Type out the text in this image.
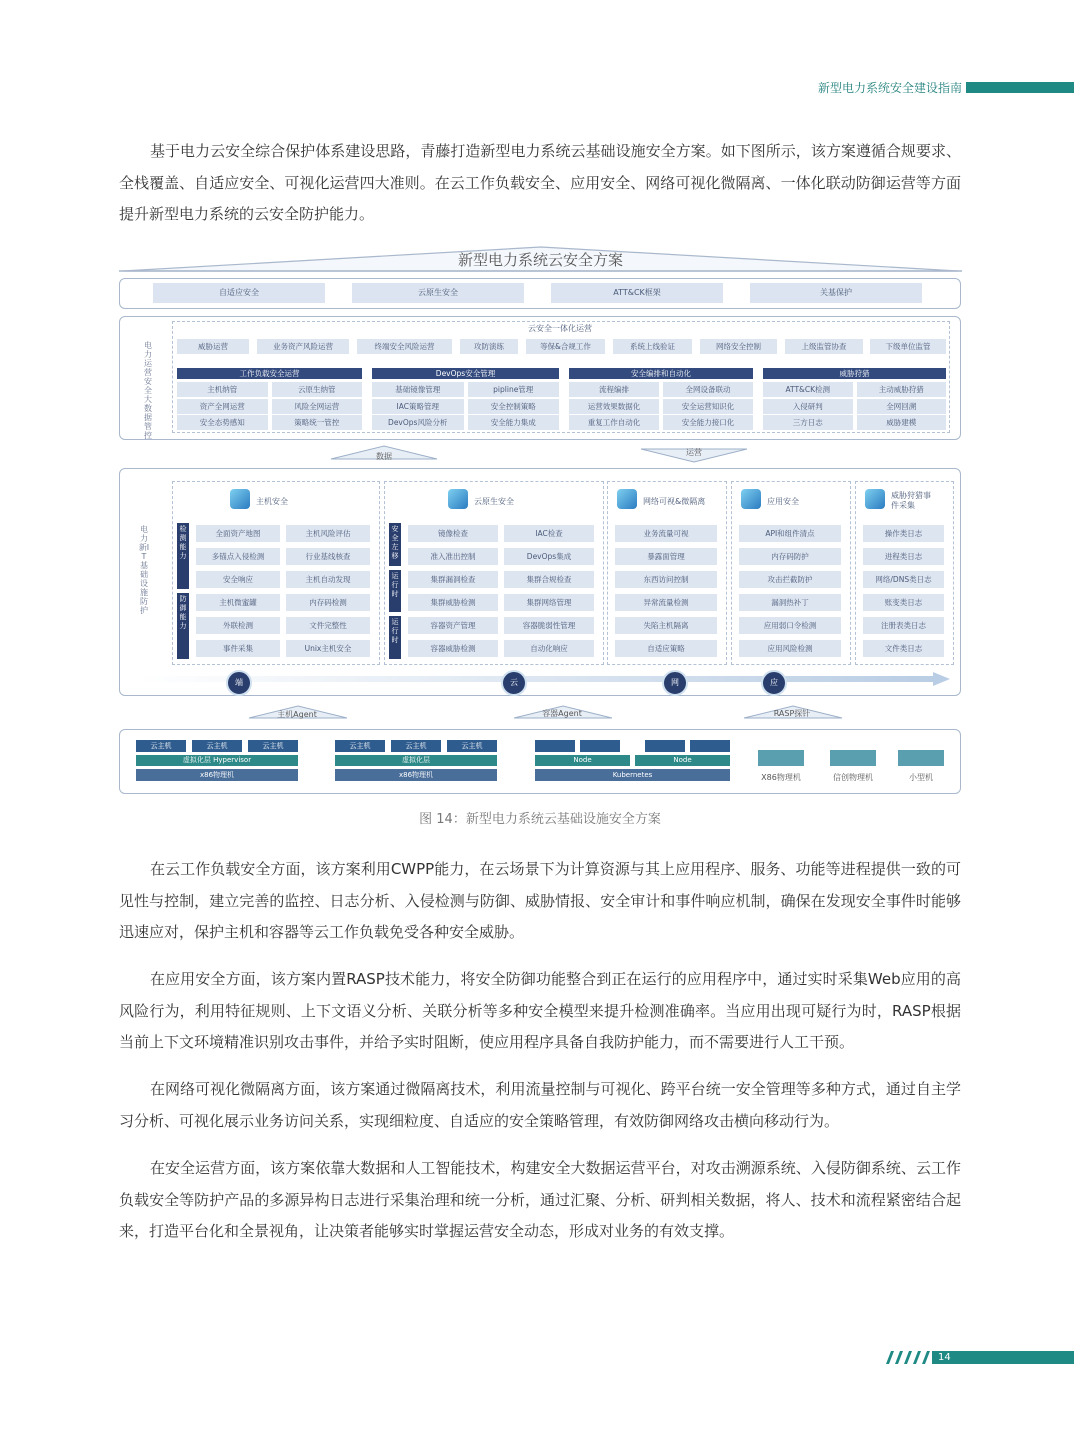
新型电力系统安全建设指南
基于电力云安全综合保护体系建设思路，青藤打造新型电力系统云基础设施安全方案。如下图所示，该方案遵循合规要求、全栈覆盖、自适应安全、可视化运营四大准则。在云工作负载安全、应用安全、网络可视化微隔离、一体化联动防御运营等方面提升新型电力系统的云安全防护能力。
新型电力系统云安全方案
自适应安全	云原生安全	ATT&CK框架	关基保护
电力运营安全大数据管控
云安全一体化运营
威胁运营	业务资产风险运营	终端安全风险运营	攻防演练	等保&合规工作	系统上线验证	网络安全控制	上级监管协查	下级单位监管
工作负载安全运营
主机纳管	云原生纳管
资产全网运营	风险全网运营
安全态势感知	策略统一管控
DevOps安全管理
基础镜像管理	pipline管理
IAC策略管理	安全控制策略
DevOps风险分析	安全能力集成
安全编排和自动化
流程编排	全网设备联动
运营效果数据化	安全运营知识化
重复工作自动化	安全能力接口化
威胁狩猎
ATT&CK检测	主动威胁狩猎
入侵研判	全网回溯
三方日志	威胁建模
数据	运营
电力新IT基础设施防护
主机安全
检测能力
防御能力
全面资产地图	主机风险评估
多锚点入侵检测	行业基线核查
安全响应	主机自动发现
主机微蜜罐	内存码检测
外联检测	文件完整性
事件采集	Unix主机安全
云原生安全
安全左移
运行时
运行时
镜像检查	IAC检查
准入准出控制	DevOps集成
集群漏洞检查	集群合规检查
集群威胁检测	集群网络管理
容器资产管理	容器脆弱性管理
容器威胁检测	自动化响应
网络可视&微隔离
业务流量可视
暴露面管理
东西访问控制
异常流量检测
失陷主机隔离
自适应策略
应用安全
API和组件清点
内存码防护
攻击拦截防护
漏洞热补丁
应用弱口令检测
应用风险检测
威胁狩猎事件采集
操作类日志
进程类日志
网络/DNS类日志
账变类日志
注册表类日志
文件类日志
端	云	网	应
主机Agent	容器Agent	RASP探针
云主机	云主机	云主机
虚拟化层 Hypervisor
x86物理机
云主机	云主机	云主机
虚拟化层
x86物理机
Node	Node
Kubernetes	X86物理机	信创物理机	小型机
图 14：新型电力系统云基础设施安全方案
在云工作负载安全方面，该方案利用CWPP能力，在云场景下为计算资源与其上应用程序、服务、功能等进程提供一致的可见性与控制，建立完善的监控、日志分析、入侵检测与防御、威胁情报、安全审计和事件响应机制，确保在发现安全事件时能够迅速应对，保护主机和容器等云工作负载免受各种安全威胁。
在应用安全方面，该方案内置RASP技术能力，将安全防御功能整合到正在运行的应用程序中，通过实时采集Web应用的高风险行为，利用特征规则、上下文语义分析、关联分析等多种安全模型来提升检测准确率。当应用出现可疑行为时，RASP根据当前上下文环境精准识别攻击事件，并给予实时阻断，使应用程序具备自我防护能力，而不需要进行人工干预。
在网络可视化微隔离方面，该方案通过微隔离技术，利用流量控制与可视化、跨平台统一安全管理等多种方式，通过自主学习分析、可视化展示业务访问关系，实现细粒度、自适应的安全策略管理，有效防御网络攻击横向移动行为。
在安全运营方面，该方案依靠大数据和人工智能技术，构建安全大数据运营平台，对攻击溯源系统、入侵防御系统、云工作负载安全等防护产品的多源异构日志进行采集治理和统一分析，通过汇聚、分析、研判相关数据，将人、技术和流程紧密结合起来，打造平台化和全景视角，让决策者能够实时掌握运营安全动态，形成对业务的有效支撑。
14
